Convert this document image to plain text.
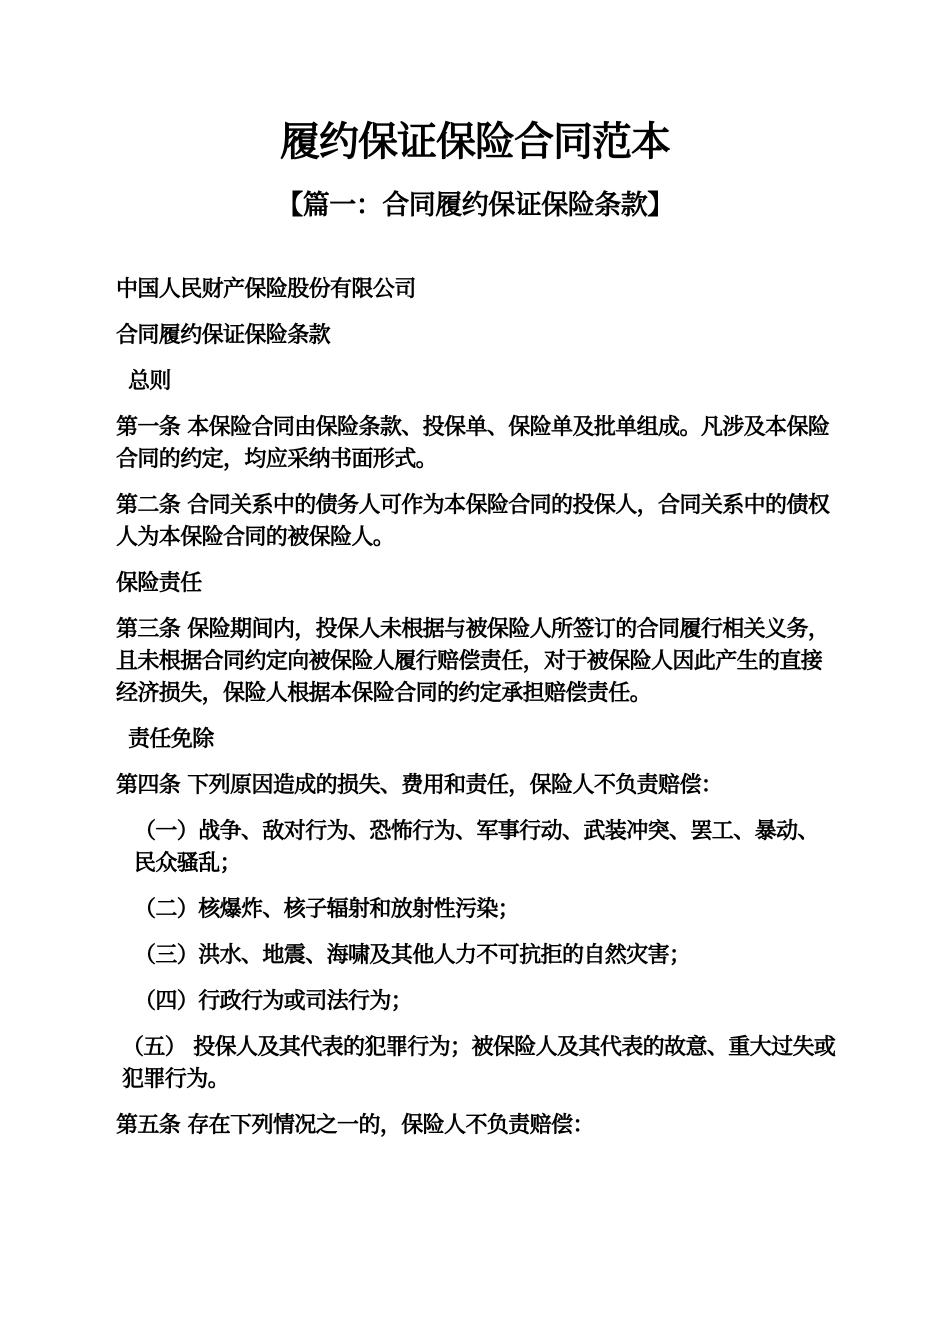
履约保证保险合同范本
【篇一：合同履约保证保险条款】

中国人民财产保险股份有限公司

合同履约保证保险条款

总则

第一条 本保险合同由保险条款、投保单、保险单及批单组成。凡涉及本保险合同的约定，均应采纳书面形式。

第二条 合同关系中的债务人可作为本保险合同的投保人，合同关系中的债权人为本保险合同的被保险人。

保险责任

第三条 保险期间内，投保人未根据与被保险人所签订的合同履行相关义务，且未根据合同约定向被保险人履行赔偿责任，对于被保险人因此产生的直接经济损失，保险人根据本保险合同的约定承担赔偿责任。

责任免除

第四条 下列原因造成的损失、费用和责任，保险人不负责赔偿：

（一）战争、敌对行为、恐怖行为、军事行动、武装冲突、罢工、暴动、民众骚乱；

（二）核爆炸、核子辐射和放射性污染；

（三）洪水、地震、海啸及其他人力不可抗拒的自然灾害；

（四）行政行为或司法行为；

（五） 投保人及其代表的犯罪行为；被保险人及其代表的故意、重大过失或犯罪行为。

第五条 存在下列情况之一的，保险人不负责赔偿：
